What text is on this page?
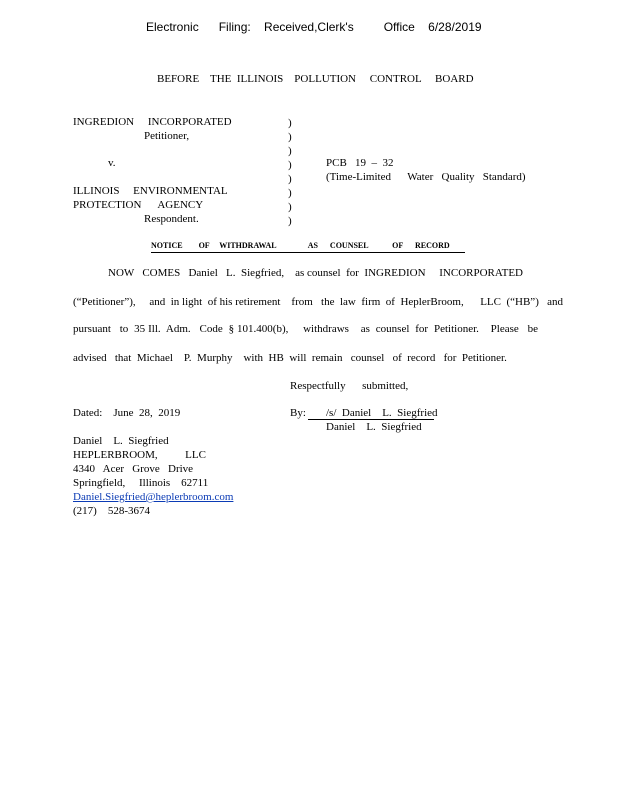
Electronic      Filing:    Received,Clerk's         Office    6/28/2019
BEFORE    THE  ILLINOIS    POLLUTION     CONTROL     BOARD
INGREDION     INCORPORATED
Petitioner,
v.
ILLINOIS     ENVIRONMENTAL
PROTECTION      AGENCY
Respondent.
)
)
)
)
)
)
)
)
PCB   19  –  32
(Time-Limited      Water   Quality   Standard)
NOTICE        OF     WITHDRAWAL                AS      COUNSEL            OF      RECORD
NOW   COMES   Daniel   L.  Siegfried,    as counsel  for  INGREDION     INCORPORATED
(“Petitioner”),     and  in light  of his retirement    from   the  law  firm  of  HeplerBroom,      LLC  (“HB”)   and
pursuant   to  35 Ill.  Adm.   Code  § 101.400(b),     withdraws    as  counsel  for  Petitioner.    Please   be
advised   that  Michael    P.  Murphy    with  HB  will  remain   counsel   of  record   for  Petitioner.
Respectfully      submitted,
Dated:    June  28,  2019	By: /s/  Daniel    L.  Siegfried
Daniel    L.  Siegfried
Daniel    L.  Siegfried
HEPLERBROOM,          LLC
4340   Acer   Grove   Drive
Springfield,     Illinois    62711
Daniel.Siegfried@heplerbroom.com
(217)    528-3674
